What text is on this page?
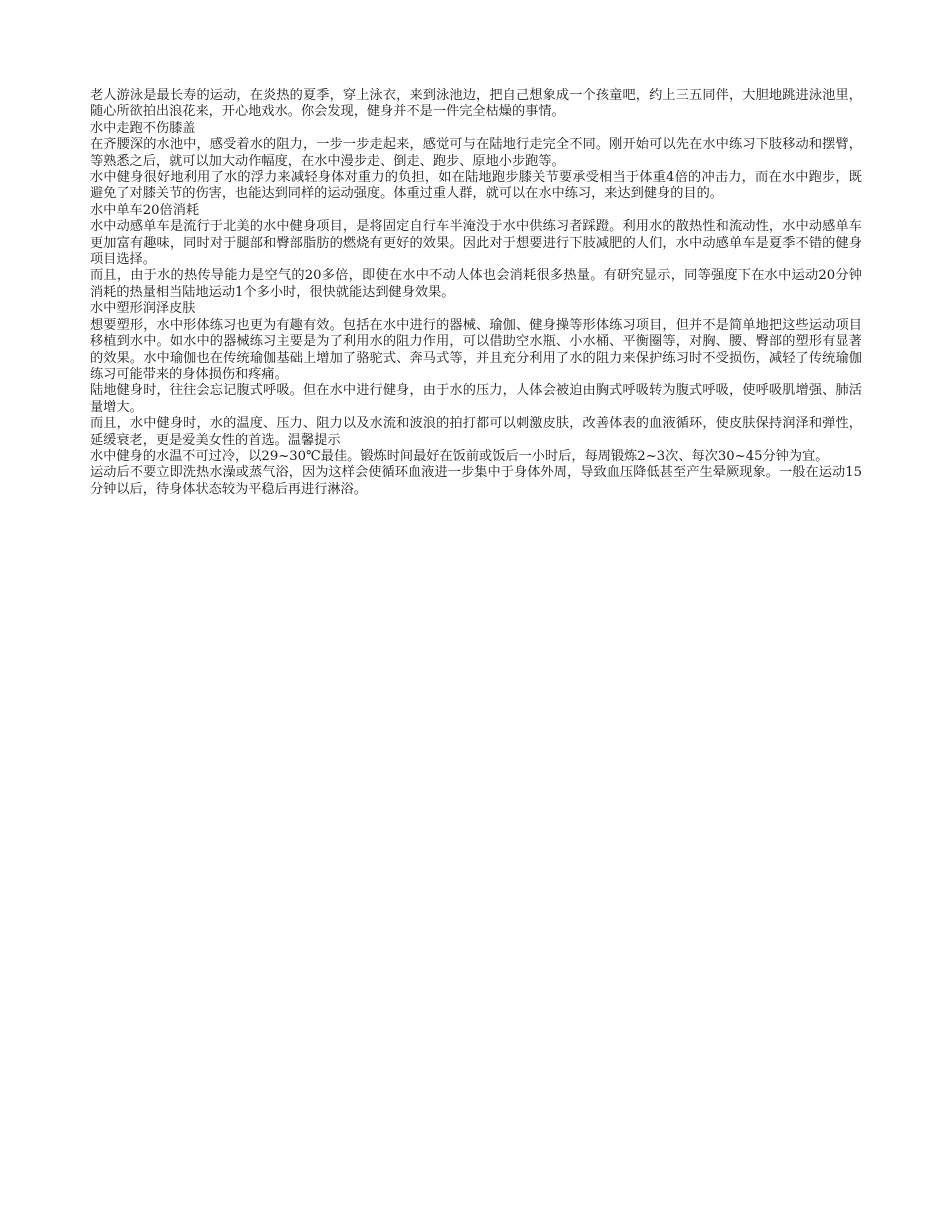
老人游泳是最长寿的运动，在炎热的夏季，穿上泳衣，来到泳池边，把自己想象成一个孩童吧，约上三五同伴，大胆地跳进泳池里，随心所欲拍出浪花来，开心地戏水。你会发现，健身并不是一件完全枯燥的事情。

水中走跑不伤膝盖

在齐腰深的水池中，感受着水的阻力，一步一步走起来，感觉可与在陆地行走完全不同。刚开始可以先在水中练习下肢移动和摆臂，等熟悉之后，就可以加大动作幅度，在水中漫步走、倒走、跑步、原地小步跑等。

水中健身很好地利用了水的浮力来减轻身体对重力的负担，如在陆地跑步膝关节要承受相当于体重4倍的冲击力，而在水中跑步，既避免了对膝关节的伤害，也能达到同样的运动强度。体重过重人群，就可以在水中练习，来达到健身的目的。

水中单车20倍消耗

水中动感单车是流行于北美的水中健身项目，是将固定自行车半淹没于水中供练习者踩蹬。利用水的散热性和流动性，水中动感单车更加富有趣味，同时对于腿部和臀部脂肪的燃烧有更好的效果。因此对于想要进行下肢减肥的人们，水中动感单车是夏季不错的健身项目选择。

而且，由于水的热传导能力是空气的20多倍，即使在水中不动人体也会消耗很多热量。有研究显示，同等强度下在水中运动20分钟消耗的热量相当陆地运动1个多小时，很快就能达到健身效果。

水中塑形润泽皮肤

想要塑形，水中形体练习也更为有趣有效。包括在水中进行的器械、瑜伽、健身操等形体练习项目，但并不是简单地把这些运动项目移植到水中。如水中的器械练习主要是为了利用水的阻力作用，可以借助空水瓶、小水桶、平衡圈等，对胸、腰、臀部的塑形有显著的效果。水中瑜伽也在传统瑜伽基础上增加了骆驼式、奔马式等，并且充分利用了水的阻力来保护练习时不受损伤，减轻了传统瑜伽练习可能带来的身体损伤和疼痛。

陆地健身时，往往会忘记腹式呼吸。但在水中进行健身，由于水的压力，人体会被迫由胸式呼吸转为腹式呼吸，使呼吸肌增强、肺活量增大。

而且，水中健身时，水的温度、压力、阻力以及水流和波浪的拍打都可以刺激皮肤，改善体表的血液循环，使皮肤保持润泽和弹性，延缓衰老，更是爱美女性的首选。温馨提示

水中健身的水温不可过冷，以29~30℃最佳。锻炼时间最好在饭前或饭后一小时后，每周锻炼2~3次、每次30~45分钟为宜。

运动后不要立即洗热水澡或蒸气浴，因为这样会使循环血液进一步集中于身体外周，导致血压降低甚至产生晕厥现象。一般在运动15分钟以后，待身体状态较为平稳后再进行淋浴。
